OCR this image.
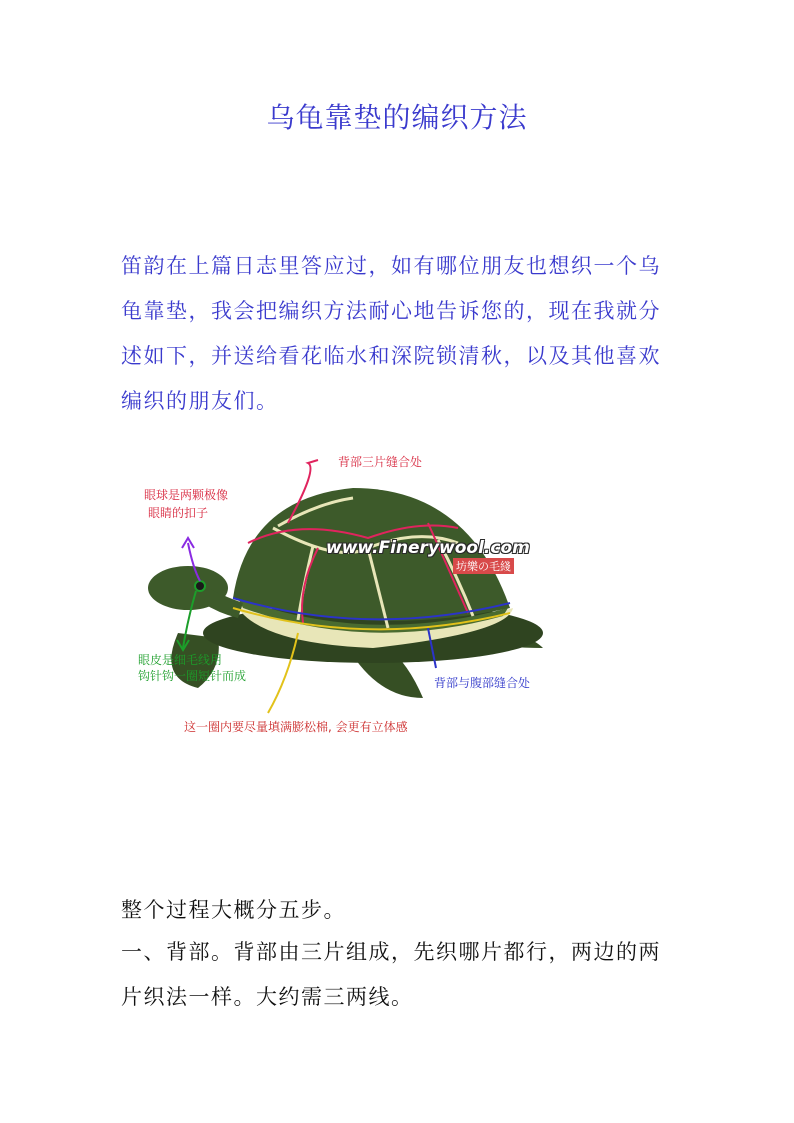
乌龟靠垫的编织方法

笛韵在上篇日志里答应过，如有哪位朋友也想织一个乌龟靠垫，我会把编织方法耐心地告诉您的，现在我就分述如下，并送给看花临水和深院锁清秋，以及其他喜欢编织的朋友们。

背部三片缝合处

眼球是两颗极像

眼睛的扣子

www.Finerywool.com

坊樂の毛綫

眼皮是细毛线用

钩针钩一圈短针而成	背部与腹部缝合处

这一圈内要尽量填满膨松棉, 会更有立体感

整个过程大概分五步。

一、背部。背部由三片组成，先织哪片都行，两边的两片织法一样。大约需三两线。
